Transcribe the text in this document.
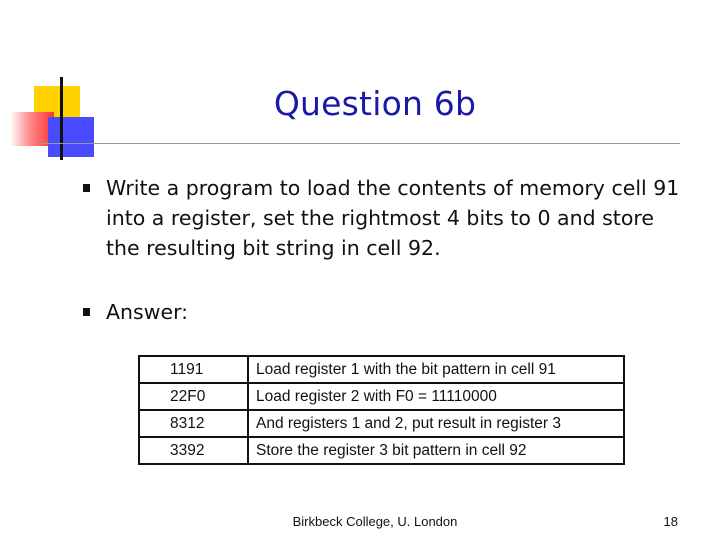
Question 6b
Write a program to load the contents of memory cell 91 into a register, set the rightmost 4 bits to 0 and store the resulting bit string in cell 92.
Answer:
1191	Load register 1 with the bit pattern in cell 91
22F0	Load register 2 with F0 = 11110000
8312	And registers 1 and 2, put result in register 3
3392	Store the register 3 bit pattern in cell 92
Birkbeck College, U. London	18
